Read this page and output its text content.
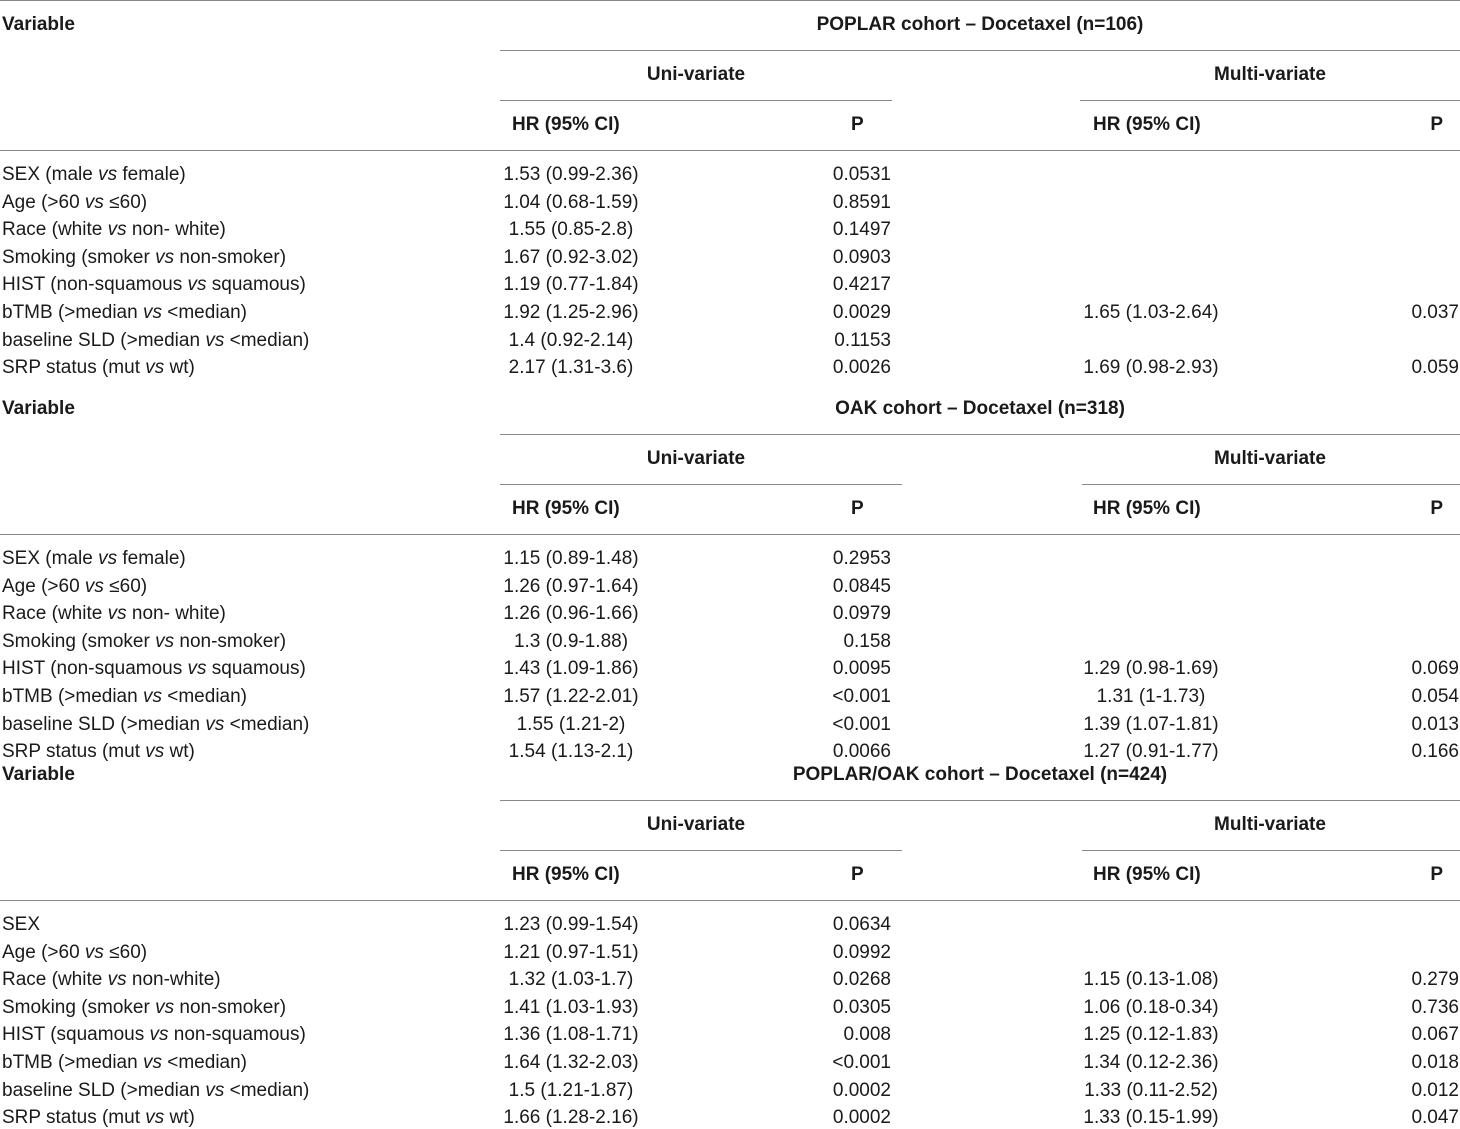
Variable	POPLAR cohort – Docetaxel (n=106)
Uni-variate	Multi-variate
HR (95% CI)	P	HR (95% CI)	P
SEX (male vs female)	1.53 (0.99-2.36)	0.0531
Age (>60 vs ≤60)	1.04 (0.68-1.59)	0.8591
Race (white vs non- white)	1.55 (0.85-2.8)	0.1497
Smoking (smoker vs non-smoker)	1.67 (0.92-3.02)	0.0903
HIST (non-squamous vs squamous)	1.19 (0.77-1.84)	0.4217
bTMB (>median vs <median)	1.92 (1.25-2.96)	0.0029	1.65 (1.03-2.64)	0.037
baseline SLD (>median vs <median)	1.4 (0.92-2.14)	0.1153
SRP status (mut vs wt)	2.17 (1.31-3.6)	0.0026	1.69 (0.98-2.93)	0.059
Variable	OAK cohort – Docetaxel (n=318)
Uni-variate	Multi-variate
HR (95% CI)	P	HR (95% CI)	P
SEX (male vs female)	1.15 (0.89-1.48)	0.2953
Age (>60 vs ≤60)	1.26 (0.97-1.64)	0.0845
Race (white vs non- white)	1.26 (0.96-1.66)	0.0979
Smoking (smoker vs non-smoker)	1.3 (0.9-1.88)	0.158
HIST (non-squamous vs squamous)	1.43 (1.09-1.86)	0.0095	1.29 (0.98-1.69)	0.069
bTMB (>median vs <median)	1.57 (1.22-2.01)	<0.001	1.31 (1-1.73)	0.054
baseline SLD (>median vs <median)	1.55 (1.21-2)	<0.001	1.39 (1.07-1.81)	0.013
SRP status (mut vs wt)	1.54 (1.13-2.1)	0.0066	1.27 (0.91-1.77)	0.166
Variable	POPLAR/OAK cohort – Docetaxel (n=424)
Uni-variate	Multi-variate
HR (95% CI)	P	HR (95% CI)	P
SEX	1.23 (0.99-1.54)	0.0634
Age (>60 vs ≤60)	1.21 (0.97-1.51)	0.0992
Race (white vs non-white)	1.32 (1.03-1.7)	0.0268	1.15 (0.13-1.08)	0.279
Smoking (smoker vs non-smoker)	1.41 (1.03-1.93)	0.0305	1.06 (0.18-0.34)	0.736
HIST (squamous vs non-squamous)	1.36 (1.08-1.71)	0.008	1.25 (0.12-1.83)	0.067
bTMB (>median vs <median)	1.64 (1.32-2.03)	<0.001	1.34 (0.12-2.36)	0.018
baseline SLD (>median vs <median)	1.5 (1.21-1.87)	0.0002	1.33 (0.11-2.52)	0.012
SRP status (mut vs wt)	1.66 (1.28-2.16)	0.0002	1.33 (0.15-1.99)	0.047
